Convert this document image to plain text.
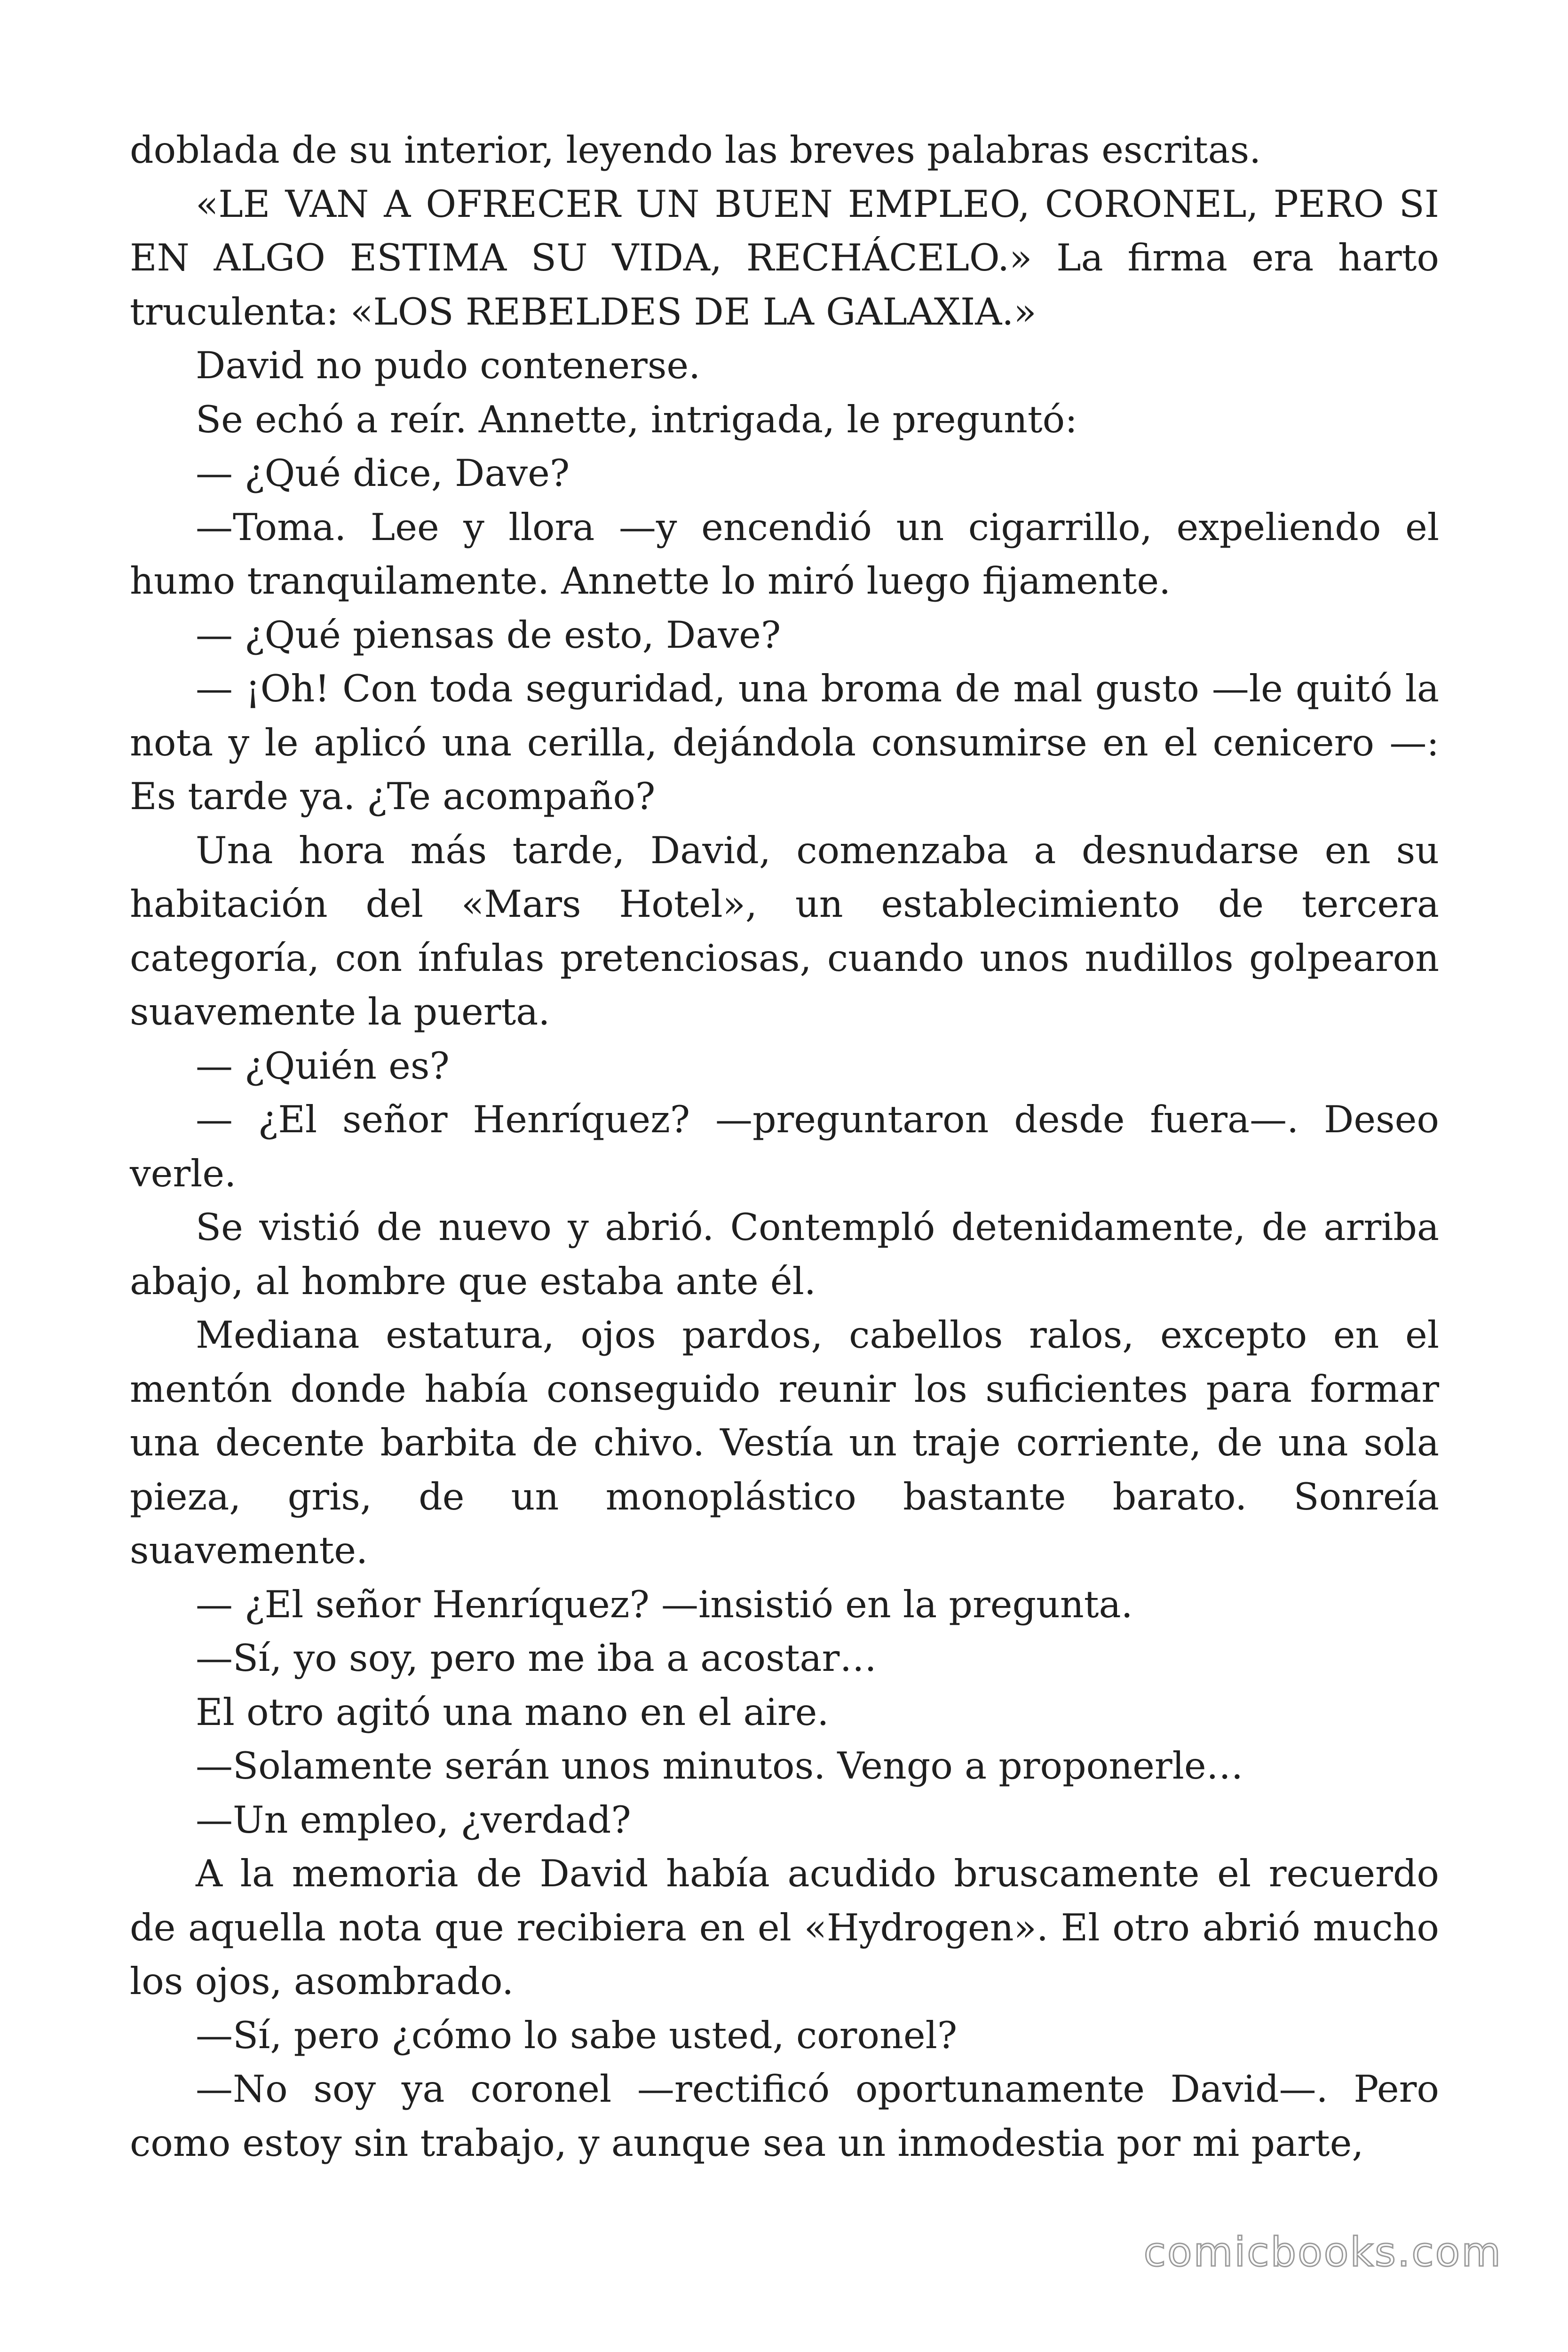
doblada de su interior, leyendo las breves palabras escritas.

«LE VAN A OFRECER UN BUEN EMPLEO, CORONEL, PERO SI EN ALGO ESTIMA SU VIDA, RECHÁCELO.» La firma era harto truculenta: «LOS REBELDES DE LA GALAXIA.»

David no pudo contenerse.

Se echó a reír. Annette, intrigada, le preguntó:

— ¿Qué dice, Dave?

—Toma. Lee y llora —y encendió un cigarrillo, expeliendo el humo tranquilamente. Annette lo miró luego fijamente.

— ¿Qué piensas de esto, Dave?

— ¡Oh! Con toda seguridad, una broma de mal gusto —le quitó la nota y le aplicó una cerilla, dejándola consumirse en el cenicero —: Es tarde ya. ¿Te acompaño?

Una hora más tarde, David, comenzaba a desnudarse en su habitación del «Mars Hotel», un establecimiento de tercera categoría, con ínfulas pretenciosas, cuando unos nudillos golpearon suavemente la puerta.

— ¿Quién es?

— ¿El señor Henríquez? —preguntaron desde fuera—. Deseo verle.

Se vistió de nuevo y abrió. Contempló detenidamente, de arriba abajo, al hombre que estaba ante él.

Mediana estatura, ojos pardos, cabellos ralos, excepto en el mentón donde había conseguido reunir los suficientes para formar una decente barbita de chivo. Vestía un traje corriente, de una sola pieza, gris, de un monoplástico bastante barato. Sonreía suavemente.

— ¿El señor Henríquez? —insistió en la pregunta.

—Sí, yo soy, pero me iba a acostar…

El otro agitó una mano en el aire.

—Solamente serán unos minutos. Vengo a proponerle…

—Un empleo, ¿verdad?

A la memoria de David había acudido bruscamente el recuerdo de aquella nota que recibiera en el «Hydrogen». El otro abrió mucho los ojos, asombrado.

—Sí, pero ¿cómo lo sabe usted, coronel?

—No soy ya coronel —rectificó oportunamente David—. Pero como estoy sin trabajo, y aunque sea un inmodestia por mi parte,

comicbooks.com
